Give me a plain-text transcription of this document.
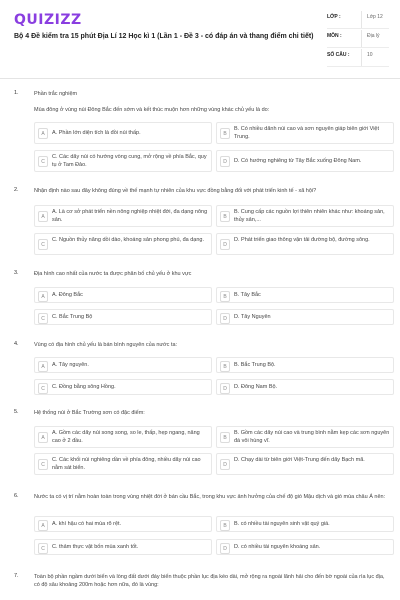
QUIZIZZ
Bộ 4 Đề kiểm tra 15 phút Địa Lí 12 Học kì 1 (Lần 1 - Đề 3 - có đáp án và thang điểm chi tiết)
LỚP :	Lớp 12
MÔN :	Địa lý
SỐ CÂU :	10
1.	Phần trắc nghiệm
Mùa đông ở vùng núi Đông Bắc đến sớm và kết thúc muộn hơn những vùng khác chủ yếu là do:
A	A. Phần lớn diện tích là đồi núi thấp.	B
B. Có nhiều dãnh núi cao và sơn nguyên giáp biên giới Việt Trung.
C
C. Các dãy núi có hướng vòng cung, mở rộng về phía Bắc, quy tụ ở Tam Đảo.	D	D. Có hướng nghiêng từ Tây Bắc xuống Đông Nam.
2.	Nhận định nào sau đây không đúng về thế mạnh tự nhiên của khu vực đồng bằng đối với phát triển kinh tế - xã hội?
A
A. Là cơ sở phát triển nền nông nghiệp nhiệt đới, đa dạng nông sản.	B
B. Cung cấp các nguồn lợi thiên nhiên khác như: khoáng sản, thủy sản,...
C
C. Nguồn thủy năng dồi dào, khoáng sản phong phú, đa dạng.
D
D. Phát triển giao thông vận tải đường bộ, đường sông.
3.	Địa hình cao nhất của nước ta được phân bố chủ yếu ở khu vực
A	A. Đông Bắc	B	B. Tây Bắc
C	C. Bắc Trung Bộ	D	D. Tây Nguyên
4.	Vùng có địa hình chủ yếu là bán bình nguyên của nước ta:
A	A. Tây nguyên.	B	B. Bắc Trung Bộ.
C	C. Đồng bằng sông Hồng.	D	D. Đông Nam Bộ.
5.	Hệ thống núi ở Bắc Trường sơn có đặc điểm:
A
A. Gồm các dãy núi song song, so le, thấp, hẹp ngang, nâng cao ở 2 đầu.	B
B. Gồm các dãy núi cao và trung bình nằm kẹp các sơn nguyên đá vôi hùng vĩ.
C
C. Các khối núi nghiêng dần về phía đông, nhiều dãy núi cao nằm sát biển.	D
D. Chạy dài từ biên giới Việt-Trung đến dãy Bạch mã.
6.	Nước ta có vị trí nằm hoàn toàn trong vùng nhiệt đới ở bán cầu Bắc, trong khu vực ảnh hưởng của chế độ gió Mậu dịch và gió mùa châu Á nên:
A	A. khí hậu có hai mùa rõ rệt.	B	B. có nhiều tài nguyên sinh vật quý giá.
C	C. thảm thực vật bốn mùa xanh tốt.	D	D. có nhiều tài nguyên khoáng sản.
7.	Toàn bộ phần ngầm dưới biển và lòng đất dưới đáy biển thuộc phần lục địa kéo dài, mở rộng ra ngoài lãnh hải cho đến bờ ngoài của rìa lục địa, có độ sâu khoảng 200m hoặc hơn nữa, đó là vùng:
